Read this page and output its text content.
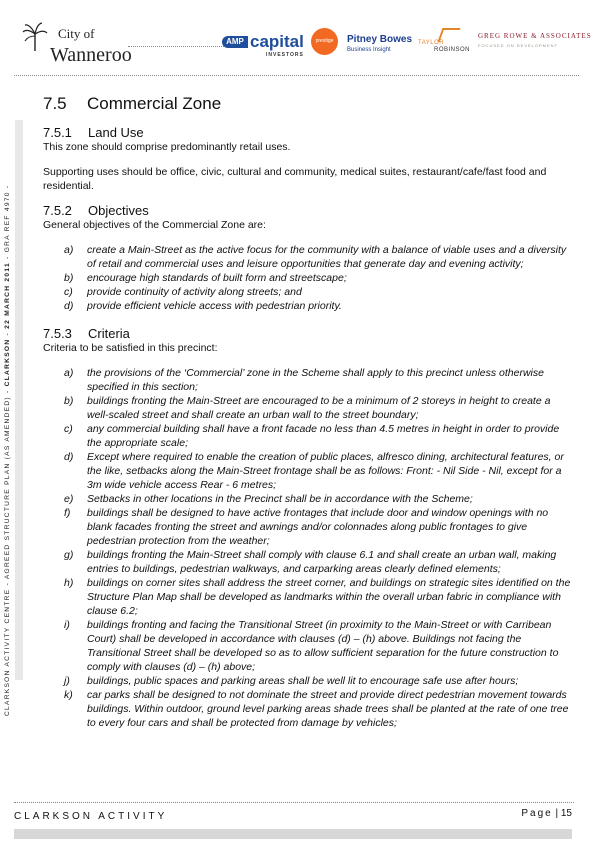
City of
Wanneroo
AMP capital
INVESTORS
prestige	Pitney Bowes
Business Insight
TAYLOR
ROBINSON
GREG ROWE & ASSOCIATES
FOCUSED ON DEVELOPMENT
CLARKSON ACTIVITY CENTRE - AGREED STRUCTURE PLAN (AS AMENDED) - CLARKSON - 22 MARCH 2011 - GRA REF 4970 -
7.5 Commercial Zone
7.5.1 Land Use

This zone should comprise predominantly retail uses.

Supporting uses should be office, civic, cultural and community, medical suites, restaurant/cafe/fast food and residential.

7.5.2 Objectives

General objectives of the Commercial Zone are:

a) create a Main-Street as the active focus for the community with a balance of viable uses and a diversity of retail and commercial uses and leisure opportunities that generate day and evening activity;
b) encourage high standards of built form and streetscape;
c) provide continuity of activity along streets; and
d) provide efficient vehicle access with pedestrian priority.
7.5.3 Criteria

Criteria to be satisfied in this precinct:

a) the provisions of the ‘Commercial’ zone in the Scheme shall apply to this precinct unless otherwise specified in this section;
b) buildings fronting the Main-Street are encouraged to be a minimum of 2 storeys in height to create a well-scaled street and shall create an urban wall to the street boundary;
c) any commercial building shall have a front facade no less than 4.5 metres in height in order to provide the appropriate scale;
d) Except where required to enable the creation of public places, alfresco dining, architectural features, or the like, setbacks along the Main-Street frontage shall be as follows: Front: - Nil Side - Nil, except for a 3m wide vehicle access Rear - 6 metres;
e) Setbacks in other locations in the Precinct shall be in accordance with the Scheme;
f) buildings shall be designed to have active frontages that include door and window openings with no blank facades fronting the street and awnings and/or colonnades along public frontages to give pedestrian protection from the weather;
g) buildings fronting the Main-Street shall comply with clause 6.1 and shall create an urban wall, making entries to buildings, pedestrian walkways, and carparking areas clearly defined elements;
h) buildings on corner sites shall address the street corner, and buildings on strategic sites identified on the Structure Plan Map shall be developed as landmarks within the overall urban fabric in compliance with clause 6.2;
i) buildings fronting and facing the Transitional Street (in proximity to the Main-Street or with Carribean Court) shall be developed in accordance with clauses (d) – (h) above. Buildings not facing the Transitional Street shall be developed so as to allow sufficient separation for the future construction to comply with clauses (d) – (h) above;
j) buildings, public spaces and parking areas shall be well lit to encourage safe use after hours;
k) car parks shall be designed to not dominate the street and provide direct pedestrian movement towards buildings. Within outdoor, ground level parking areas shade trees shall be planted at the rate of one tree to every four cars and shall be protected from damage by vehicles;
CLARKSON ACTIVITY	Page | 15
